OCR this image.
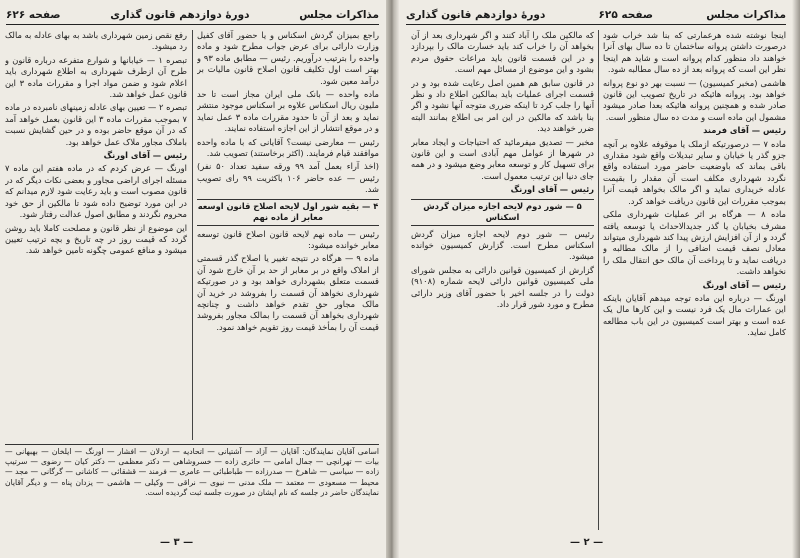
مذاکرات مجلس
دورهٔ دوازدهم قانون گذاری
صفحه ۶۲۶

راجع بمیزان گردش اسکناس و یا حضور آقای کفیل وزارت دارائی برای عرض جواب مطرح شود و ماده واحده را بترتیب درآوریم. رئیس — مطابق ماده ۹۳ و بهتر است اول تکلیف قانون اصلاح قانون مالیات بر درآمد معین شود.

ماده واحده — بانک ملی ایران مجاز است تا حد ملیون ریال اسکناس علاوه بر اسکناس موجود منتشر نماید و بعد از آن تا حدود مقررات ماده ۳ عمل نماید و در موقع انتشار از این اجازه استفاده نمایند.

رئیس — معارضی نیست؟ آقایانی که با ماده واحده موافقند قیام فرمایند. (اکثر برخاستند) تصویب شد.

(اخذ آراء بعمل آمد ۹۹ ورقه سفید تعداد ۵۰ نفر) رئیس — عده حاضر ۱۰۶ باکثریت ۹۹ رای تصویب شد.

۴ — بقیه شور اول لایحه اصلاح قانون اوسعه معابر از ماده نهم

رئیس — ماده نهم لایحه قانون اصلاح قانون توسعه معابر خوانده میشود:

ماده ۹ — هرگاه در نتیجه تغییر یا اصلاح گذر قسمتی از املاک واقع در بر معابر از حد بر آن خارج شود آن قسمت متعلق بشهرداری خواهد بود و در صورتیکه شهرداری نخواهد آن قسمت را بفروشد در خرید آن مالک مجاور حق تقدم خواهد داشت و چنانچه شهرداری بخواهد آن قسمت را بمالک مجاور بفروشد قیمت آن را بمأخذ قیمت روز تقویم خواهد نمود.

رفع نقص زمین شهرداری باشد به بهای عادله به مالک رد میشود.

تبصره ۱ — خیابانها و شوارع متفرعه درباره قانون و طرح آن ازطرف شهرداری به اطلاع شهرداری باید اعلام شود و ضمن مواد اجرا و مقررات ماده ۳ این قانون عمل خواهد شد.

تبصره ۲ — تعیین بهای عادله زمینهای نامبرده در ماده ۷ بموجب مقررات ماده ۳ این قانون بعمل خواهد آمد که در آن موقع حاضر بوده و در حین گشایش نسبت باملاک مجاور ملاک عمل خواهد بود.

رئیس — آقای اورنگ

اورنگ — عرض کردم که در ماده هفتم این ماده ۷ مسئله اجرای اراضی مجاور و بعضی نکات دیگر که در قانون مصوب است و باید رعایت شود لازم میدانم که در این مورد توضیح داده شود تا مالکین از حق خود محروم نگردند و مطابق اصول عدالت رفتار شود.

این موضوع از نظر قانون و مصلحت کاملا باید روشن گردد که قیمت روز در چه تاریخ و بچه ترتیب تعیین میشود و منافع عمومی چگونه تامین خواهد شد.

اسامی آقایان نمایندگان: آقایان — آزاد — آشتیانی — اتحادیه — اردلان — افشار — اورنگ — ایلخان — بهبهانی — بیات — تهرانچی — جمال امامی — حائری زاده — خسروشاهی — دکتر معظمی — دکتر کیان — رضوی — سرتیپ زاده — سیاسی — شاهرخ — صدرزاده — طباطبائی — عامری — فرمند — قشقائی — کاشانی — گرگانی — مجد — محیط — مسعودی — معتمد — ملک مدنی — نبوی — نراقی — وکیلی — هاشمی — یزدان پناه — و دیگر آقایان نمایندگان حاضر در جلسه که نام ایشان در صورت جلسه ثبت گردیده است.
— ۳ —
مذاکرات مجلس
صفحه ۶۲۵
دورهٔ دوازدهم قانون گذاری

اینجا نوشته شده هرعمارتی که بنا شد خراب شود درصورت داشتن پروانه ساختمان تا ده سال بهای آنرا خواهند داد منظور کدام پروانه است و شاید هم اینجا نظر این است که پروانه بعد از ده سال مطالبه شود.

هاشمی (مخبر کمیسیون) — نسبت بهر دو نوع پروانه خواهد بود. پروانه هائیکه در تاریخ تصویب این قانون صادر شده و همچنین پروانه هائیکه بعدا صادر میشود مشمول این ماده است و مدت ده سال منظور است.

رئیس — آقای فرمند

ماده ۷ — درصورتیکه ازملک یا موقوفه علاوه بر آنچه جزو گذر یا خیابان و سایر تبدیلات واقع شود مقداری باقی بماند که باوضعیت حاضر مورد استفاده واقع نگردد شهرداری مکلف است آن مقدار را بقیمت عادله خریداری نماید و اگر مالک بخواهد قیمت آنرا بموجب مقررات این قانون دریافت خواهد کرد.

ماده ۸ — هرگاه بر اثر عملیات شهرداری ملکی مشرف بخیابان یا گذر جدیدالاحداث یا توسعه یافته گردد و از آن افزایش ارزش پیدا کند شهرداری میتواند معادل نصف قیمت اضافی را از مالک مطالبه و دریافت نماید و تا پرداخت آن مالک حق انتقال ملک را نخواهد داشت.

رئیس — آقای اورنگ

اورنگ — درباره این ماده توجه میدهم آقایان باینکه این عمارات مال یک فرد نیست و این کارها مال یک عده است و بهتر است کمیسیون در این باب مطالعه کامل نماید.

که مالکین ملک را آباد کنند و اگر شهرداری بعد از آن بخواهد آن را خراب کند باید خسارت مالک را بپردازد و در این قسمت قانون باید مراعات حقوق مردم بشود و این موضوع از مسائل مهم است.

در قانون سابق هم همین اصل رعایت شده بود و در قسمت اجرای عملیات باید بمالکین اطلاع داد و نظر آنها را جلب کرد تا اینکه ضرری متوجه آنها نشود و اگر بنا باشد که مالکین در این امر بی اطلاع بمانند البته ضرر خواهند دید.

مخبر — تصدیق میفرمائید که احتیاجات و ایجاد معابر در شهرها از عوامل مهم آبادی است و این قانون برای تسهیل کار و توسعه معابر وضع میشود و در همه جای دنیا این ترتیب معمول است.

رئیس — آقای اورنگ

۵ — شور دوم لایحه اجازه میزان گردش اسکناس

رئیس — شور دوم لایحه اجازه میزان گردش اسکناس مطرح است. گزارش کمیسیون خوانده میشود.

گزارش از کمیسیون قوانین دارائی به مجلس شورای ملی کمیسیون قوانین دارائی لایحه شماره (۹۱۰۸) دولت را در جلسه اخیر با حضور آقای وزیر دارائی مطرح و مورد شور قرار داد.

— ۲ —
